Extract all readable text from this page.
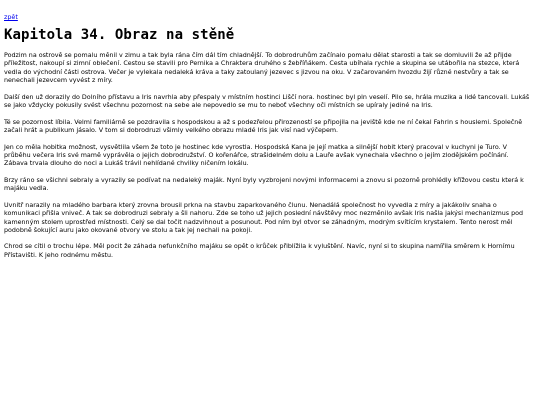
zpět
Kapitola 34. Obraz na stěně

Podzim na ostrově se pomalu měnil v zimu a tak byla rána čím dál tím chladnější. To dobrodruhům začínalo pomalu dělat starosti a tak se domluvili že až přijde příležitost, nakoupí si zimní oblečení. Cestou se stavili pro Pernika a Chraktera druhého s žebříňákem. Cesta ubíhala rychle a skupina se utábořila na stezce, která vedla do východní části ostrova. Večer je vylekala nedaleká kráva a taky zatoulaný jezevec s jizvou na oku. V začarovaném hvozdu žijí různé nestvůry a tak se nenechali jezevcem vyvést z míry.

Další den už dorazily do Dolního přístavu a Iris navrhla aby přespaly v místním hostinci Liščí nora. hostinec byl pln veselí. Pilo se, hrála muzika a lidé tancovali. Lukáš se jako vždycky pokusily svést všechnu pozornost na sebe ale nepovedlo se mu to neboť všechny oči místních se upíraly jediné na Iris.

Té se pozornost líbila. Velmi familiárně se pozdravila s hospodskou a až s podezřelou přirozeností se připojila na jeviště kde ne ní čekal Fahrin s houslemi. Společně začali hrát a publikum jásalo. V tom si dobrodruzi všimly velkého obrazu mladé Iris jak visí nad výčepem.

Jen co měla hobitka možnost, vysvětlila všem že toto je hostinec kde vyrostla. Hospodská Kana je její matka a silnější hobit který pracoval v kuchyni je Turo. V průběhu večera Iris své mamě vyprávěla o jejich dobrodružství. O kořenářce, strašidelném dolu a Lauře avšak vynechala všechno o jejím zlodějském počínání. Zábava trvala dlouho do noci a Lukáš trávil nehlídané chvilky ničením lokálu.

Brzy ráno se všichni sebraly a vyrazily se podívat na nedaleký maják. Nyní byly vyzbrojeni novými informacemi a znovu si pozorně prohlédly křížovou cestu která k majáku vedla.

Uvnitř narazily na mladého barbara který zrovna brousil prkna na stavbu zaparkovaného člunu. Nenadálá společnost ho vyvedla z míry a jakákoliv snaha o komunikaci přišla vniveč. A tak se dobrodruzi sebraly a šli nahoru. Zde se toho už jejich poslední návštěvy moc nezměnilo avšak Iris našla jakýsi mechanizmus pod kamenným stolem uprostřed místnosti. Celý se dal točit nadzvihnout a posunout. Pod ním byl otvor se záhadným, modrým svítícím krystalem. Tento nerost měl podobně šokující auru jako okované otvory ve stolu a tak jej nechali na pokoji.

Chrod se cítil o trochu lépe. Měl pocit že záhada nefunkčního majáku se opět o krůček přiblížila k vyluštění. Navíc, nyní si to skupina namířila směrem k Hornímu Přístavišti. K jeho rodnému městu.
